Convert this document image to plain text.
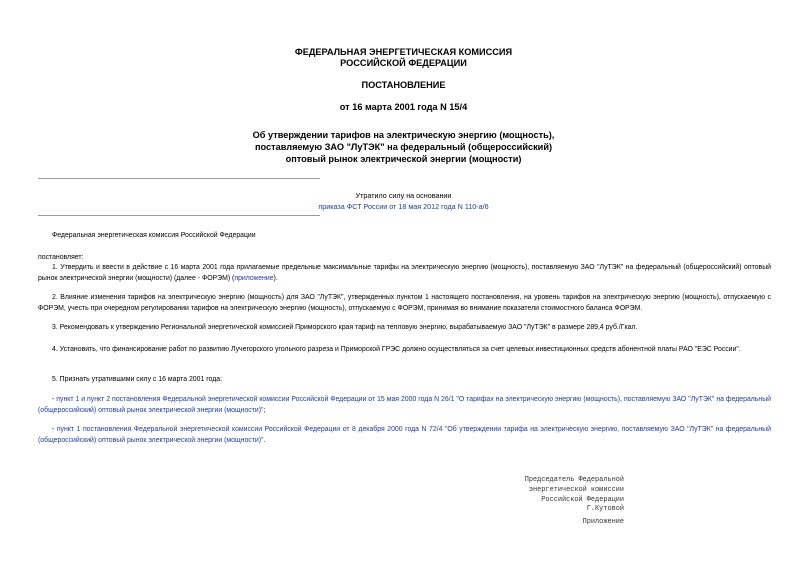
ФЕДЕРАЛЬНАЯ ЭНЕРГЕТИЧЕСКАЯ КОМИССИЯ
РОССИЙСКОЙ ФЕДЕРАЦИИ
ПОСТАНОВЛЕНИЕ
от 16 марта 2001 года N 15/4
Об утверждении тарифов на электрическую энергию (мощность),
поставляемую ЗАО "ЛуТЭК" на федеральный (общероссийский)
оптовый рынок электрической энергии (мощности)
Утратило силу на основании
приказа ФСТ России от 18 мая 2012 года N 110-а/6
Федеральная энергетическая комиссия Российской Федерации
постановляет:
1. Утвердить и ввести в действие с 16 марта 2001 года прилагаемые предельные максимальные тарифы на электрическую энергию (мощность), поставляемую ЗАО "ЛуТЭК" на федеральный (общероссийский) оптовый рынок электрической энергии (мощности) (далее - ФОРЭМ) (приложение).
2. Влияние изменения тарифов на электрическую энергию (мощность) для ЗАО "ЛуТЭК", утвержденных пунктом 1 настоящего постановления, на уровень тарифов на электрическую энергию (мощность), отпускаемую с ФОРЭМ, учесть при очередном регулировании тарифов на электрическую энергию (мощность), отпускаемую с ФОРЭМ, принимая во внимание показатели стоимостного баланса ФОРЭМ.
3. Рекомендовать к утверждению Региональной энергетической комиссией Приморского края тариф на тепловую энергию, вырабатываемую ЗАО "ЛуТЭК" в размере 289,4 руб./Гкал.
4. Установить, что финансирование работ по развитию Лучегорского угольного разреза и Приморской ГРЭС должно осуществляться за счет целевых инвестиционных средств абонентной платы РАО "ЕЭС России".
5. Признать утратившими силу с 16 марта 2001 года:
- пункт 1 и пункт 2 постановления Федеральной энергетической комиссии Российской Федерации от 15 мая 2000 года N 26/1 "О тарифах на электрическую энергию (мощность), поставляемую ЗАО "ЛуТЭК" на федеральный (общероссийский) оптовый рынок электрической энергии (мощности)";
- пункт 1 постановления Федеральной энергетической комиссии Российской Федерации от 8 декабря 2000 года N 72/4 "Об утверждении тарифа на электрическую энергию, поставляемую ЗАО "ЛуТЭК" на федеральный (общероссийский) оптовый рынок электрической энергии (мощности)".
Председатель Федеральной
энергетической комиссии
Российской Федерации
Г.Кутовой
Приложение
